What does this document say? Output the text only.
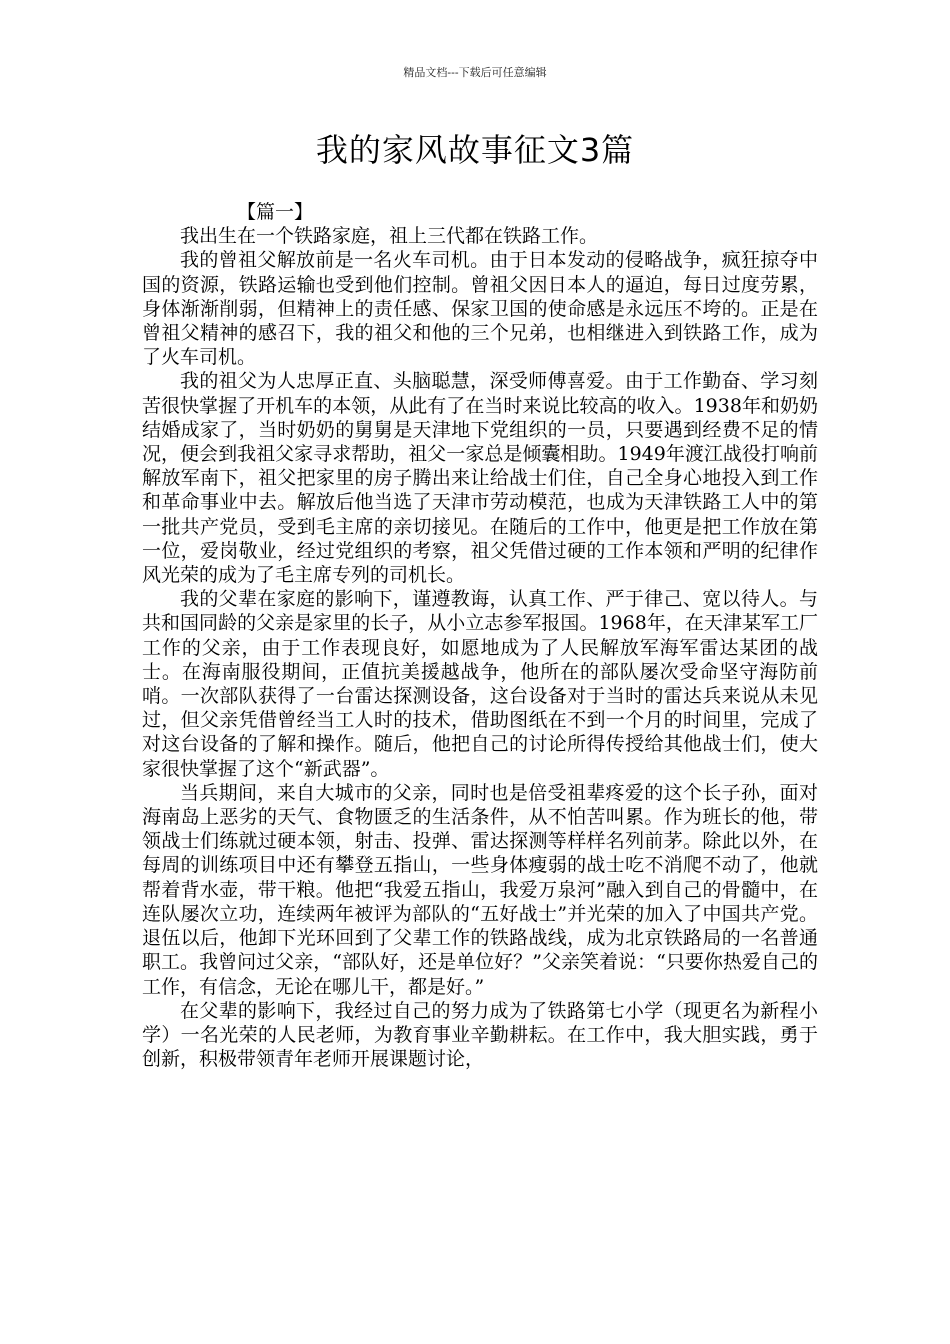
精品文档---下载后可任意编辑
我的家风故事征文3篇
【篇一】

我出生在一个铁路家庭，祖上三代都在铁路工作。

我的曾祖父解放前是一名火车司机。由于日本发动的侵略战争，疯狂掠夺中国的资源，铁路运输也受到他们控制。曾祖父因日本人的逼迫，每日过度劳累，身体渐渐削弱，但精神上的责任感、保家卫国的使命感是永远压不垮的。正是在曾祖父精神的感召下，我的祖父和他的三个兄弟，也相继进入到铁路工作，成为了火车司机。

我的祖父为人忠厚正直、头脑聪慧，深受师傅喜爱。由于工作勤奋、学习刻苦很快掌握了开机车的本领，从此有了在当时来说比较高的收入。1938年和奶奶结婚成家了，当时奶奶的舅舅是天津地下党组织的一员，只要遇到经费不足的情况，便会到我祖父家寻求帮助，祖父一家总是倾囊相助。1949年渡江战役打响前解放军南下，祖父把家里的房子腾出来让给战士们住，自己全身心地投入到工作和革命事业中去。解放后他当选了天津市劳动模范，也成为天津铁路工人中的第一批共产党员，受到毛主席的亲切接见。在随后的工作中，他更是把工作放在第一位，爱岗敬业，经过党组织的考察，祖父凭借过硬的工作本领和严明的纪律作风光荣的成为了毛主席专列的司机长。

我的父辈在家庭的影响下，谨遵教诲，认真工作、严于律己、宽以待人。与共和国同龄的父亲是家里的长子，从小立志参军报国。1968年，在天津某军工厂工作的父亲，由于工作表现良好，如愿地成为了人民解放军海军雷达某团的战士。在海南服役期间，正值抗美援越战争，他所在的部队屡次受命坚守海防前哨。一次部队获得了一台雷达探测设备，这台设备对于当时的雷达兵来说从未见过，但父亲凭借曾经当工人时的技术，借助图纸在不到一个月的时间里，完成了对这台设备的了解和操作。随后，他把自己的讨论所得传授给其他战士们，使大家很快掌握了这个“新武器”。

当兵期间，来自大城市的父亲，同时也是倍受祖辈疼爱的这个长子孙，面对海南岛上恶劣的天气、食物匮乏的生活条件，从不怕苦叫累。作为班长的他，带领战士们练就过硬本领，射击、投弹、雷达探测等样样名列前茅。除此以外，在每周的训练项目中还有攀登五指山，一些身体瘦弱的战士吃不消爬不动了，他就帮着背水壶，带干粮。他把“我爱五指山，我爱万泉河”融入到自己的骨髓中，在连队屡次立功，连续两年被评为部队的“五好战士”并光荣的加入了中国共产党。退伍以后，他卸下光环回到了父辈工作的铁路战线，成为北京铁路局的一名普通职工。我曾问过父亲，“部队好，还是单位好？”父亲笑着说：“只要你热爱自己的工作，有信念，无论在哪儿干，都是好。”

在父辈的影响下，我经过自己的努力成为了铁路第七小学（现更名为新程小学）一名光荣的人民老师，为教育事业辛勤耕耘。在工作中，我大胆实践，勇于创新，积极带领青年老师开展课题讨论，
